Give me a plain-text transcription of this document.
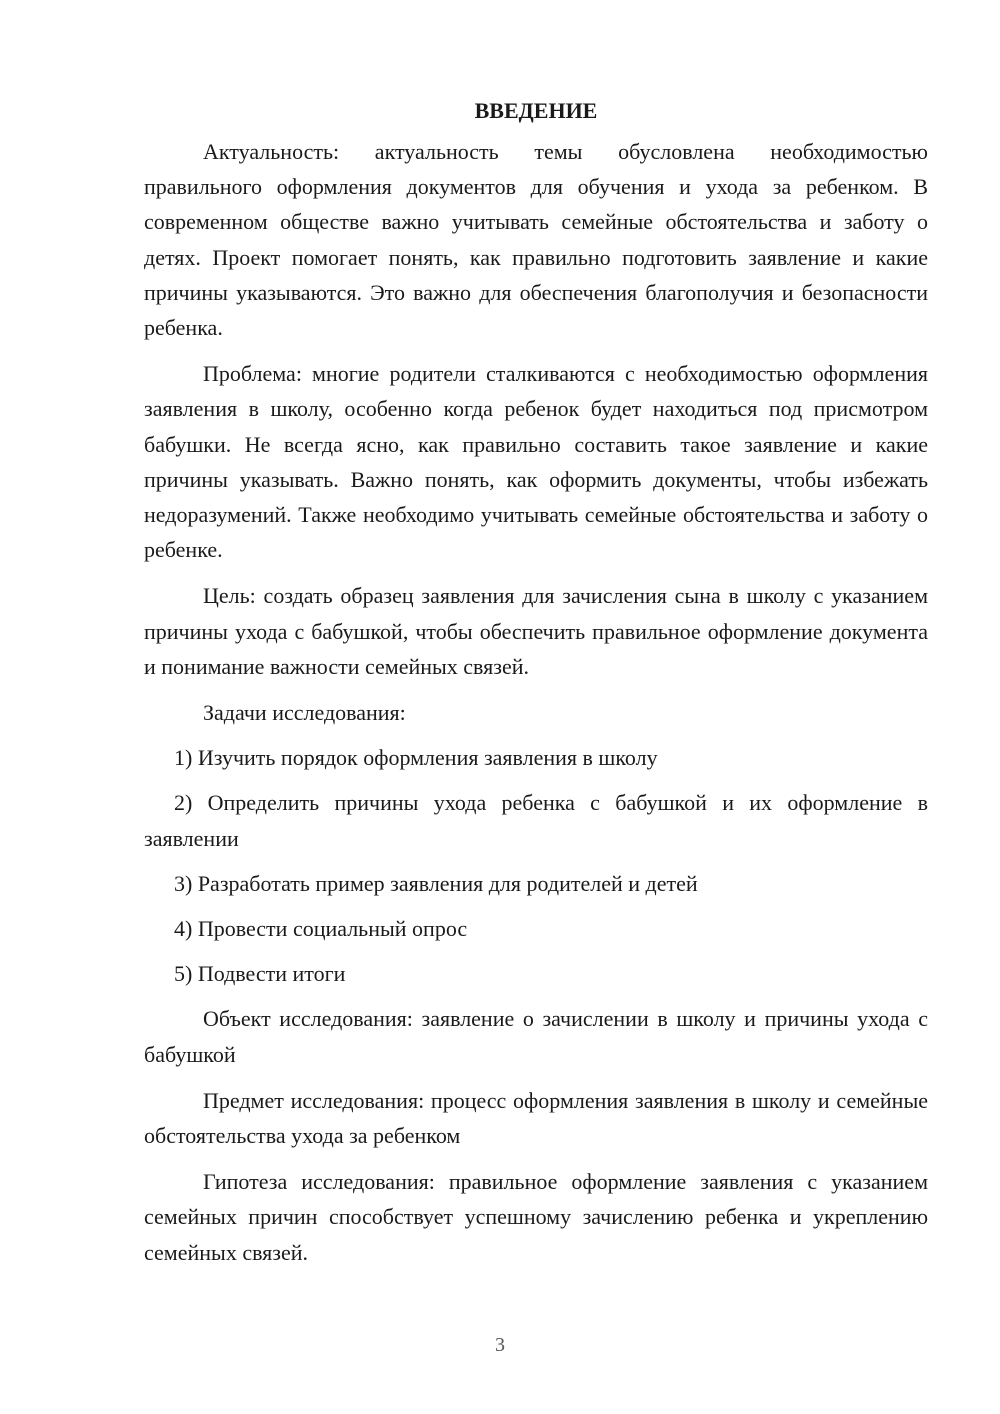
ВВЕДЕНИЕ

Актуальность: актуальность темы обусловлена необходимостью правильного оформления документов для обучения и ухода за ребенком. В современном обществе важно учитывать семейные обстоятельства и заботу о детях. Проект помогает понять, как правильно подготовить заявление и какие причины указываются. Это важно для обеспечения благополучия и безопасности ребенка.

Проблема: многие родители сталкиваются с необходимостью оформления заявления в школу, особенно когда ребенок будет находиться под присмотром бабушки. Не всегда ясно, как правильно составить такое заявление и какие причины указывать. Важно понять, как оформить документы, чтобы избежать недоразумений. Также необходимо учитывать семейные обстоятельства и заботу о ребенке.

Цель: создать образец заявления для зачисления сына в школу с указанием причины ухода с бабушкой, чтобы обеспечить правильное оформление документа и понимание важности семейных связей.

Задачи исследования:

1) Изучить порядок оформления заявления в школу

2) Определить причины ухода ребенка с бабушкой и их оформление в заявлении

3) Разработать пример заявления для родителей и детей

4) Провести социальный опрос

5) Подвести итоги

Объект исследования: заявление о зачислении в школу и причины ухода с бабушкой

Предмет исследования: процесс оформления заявления в школу и семейные обстоятельства ухода за ребенком

Гипотеза исследования: правильное оформление заявления с указанием семейных причин способствует успешному зачислению ребенка и укреплению семейных связей.

3
